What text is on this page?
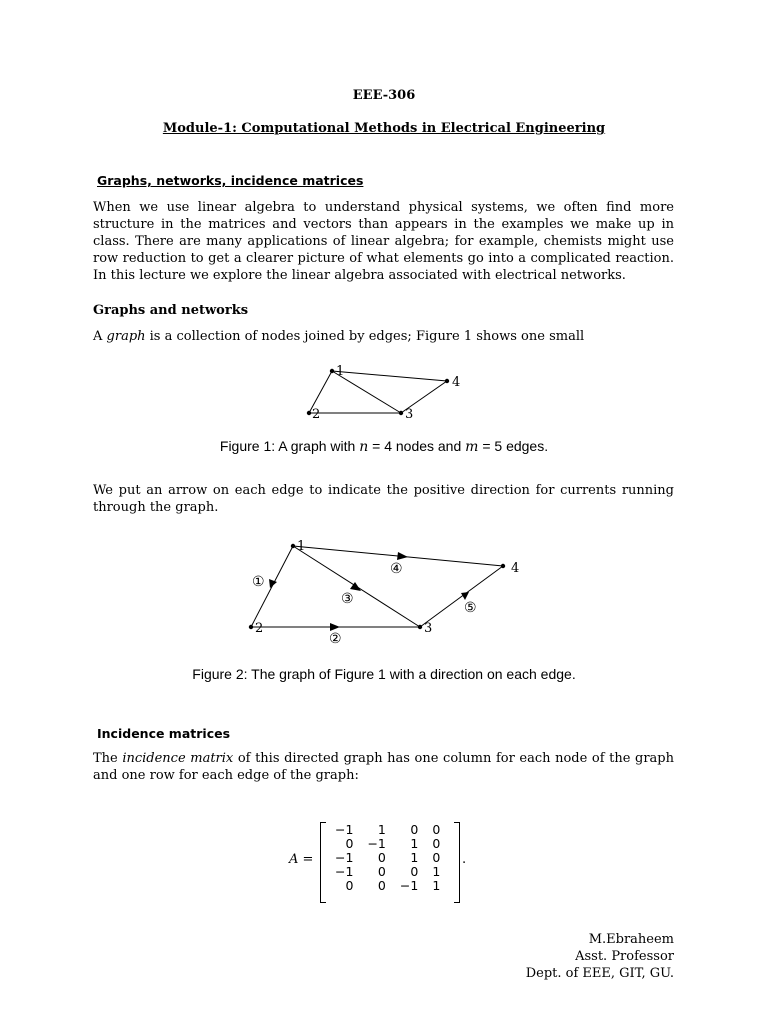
EEE-306
Module-1: Computational Methods in Electrical Engineering
Graphs, networks, incidence matrices
When we use linear algebra to understand physical systems, we often find more structure in the matrices and vectors than appears in the examples we make up in class. There are many applications of linear algebra; for example, chemists might use row reduction to get a clearer picture of what elements go into a complicated reaction. In this lecture we explore the linear algebra associated with electrical networks.
Graphs and networks
A graph is a collection of nodes joined by edges; Figure 1 shows one small
1
2	3
4
Figure 1: A graph with n = 4 nodes and m = 5 edges.
We put an arrow on each edge to indicate the positive direction for currents running through the graph.
1
2	3
4
①
②
③
④
⑤
Figure 2: The graph of Figure 1 with a direction on each edge.
Incidence matrices
The incidence matrix of this directed graph has one column for each node of the graph and one row for each edge of the graph:
A =
−1	1	0	0
0	−1	1	0
−1	0	1	0
−1	0	0	1
0	0	−1	1
.
M.Ebraheem
Asst. Professor
Dept. of EEE, GIT, GU.
